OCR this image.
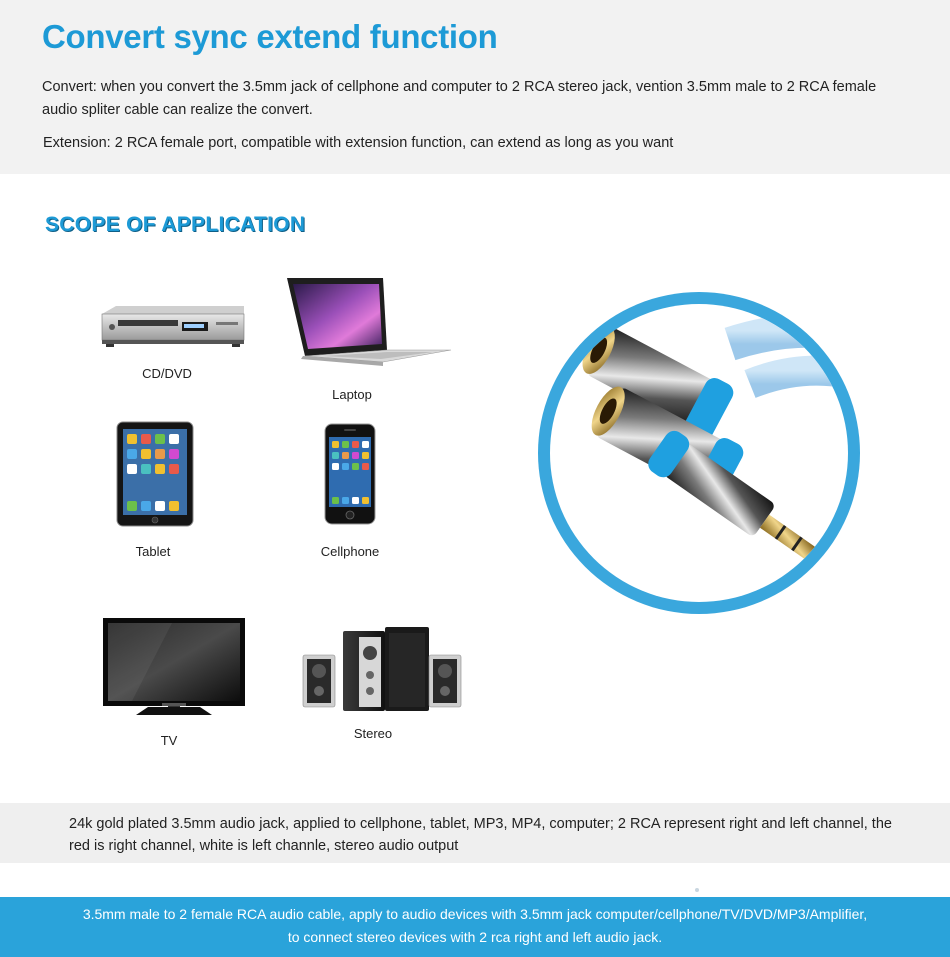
Convert sync extend function

Convert: when you convert the 3.5mm jack of cellphone and computer to 2 RCA stereo jack, vention 3.5mm male to 2 RCA female audio spliter cable can realize the convert.

Extension: 2 RCA female port, compatible with extension function, can extend as long as you want

SCOPE OF APPLICATION
CD/DVD
Laptop
Tablet	Cellphone
TV	Stereo

24k gold plated 3.5mm audio jack, applied to cellphone, tablet, MP3, MP4, computer; 2 RCA represent right and left channel, the red is right channel, white is left channle, stereo audio output

3.5mm male to 2 female RCA audio cable, apply to audio devices with 3.5mm jack computer/cellphone/TV/DVD/MP3/Amplifier,
to connect stereo devices with 2 rca right and left audio jack.
